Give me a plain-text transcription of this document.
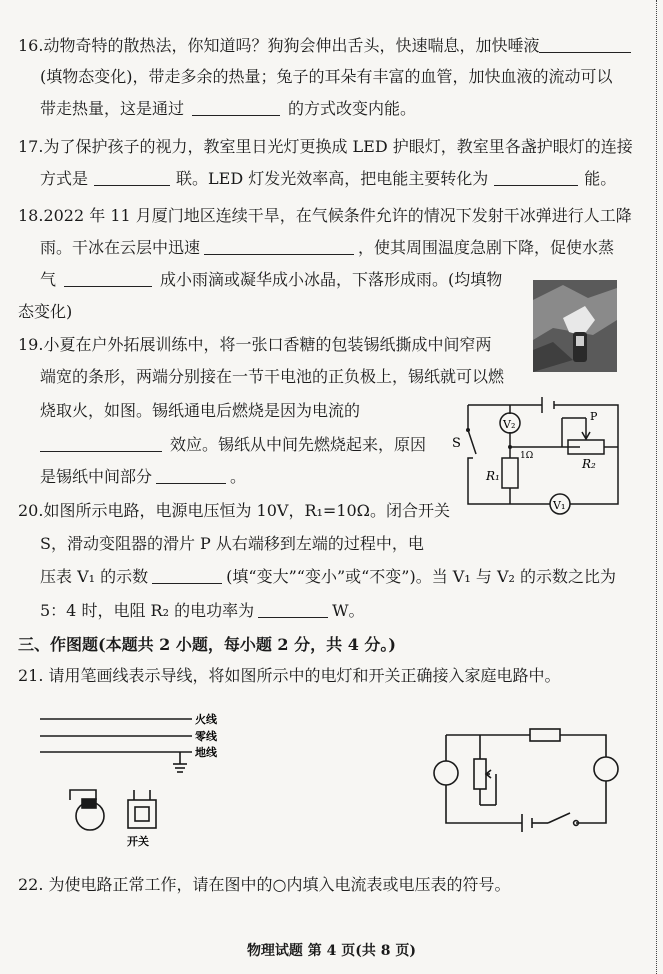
16.动物奇特的散热法，你知道吗？狗狗会伸出舌头，快速喘息，加快唾液
(填物态变化)，带走多余的热量；兔子的耳朵有丰富的血管，加快血液的流动可以
带走热量，这是通过	的方式改变内能。
17.为了保护孩子的视力，教室里日光灯更换成 LED 护眼灯，教室里各盏护眼灯的连接
方式是	联。LED 灯发光效率高，把电能主要转化为	能。
18.2022 年 11 月厦门地区连续干旱，在气候条件允许的情况下发射干冰弹进行人工降
雨。干冰在云层中迅速	，使其周围温度急剧下降，促使水蒸
气	成小雨滴或凝华成小冰晶，下落形成雨。(均填物
态变化)
19.小夏在户外拓展训练中，将一张口香糖的包装锡纸撕成中间窄两
端宽的条形，两端分别接在一节干电池的正负极上，锡纸就可以燃
烧取火，如图。锡纸通电后燃烧是因为电流的
效应。锡纸从中间先燃烧起来，原因
是锡纸中间部分	。
V₂
V₁
S
P
R₁
R₂
1Ω
20.如图所示电路，电源电压恒为 10V，R₁=10Ω。闭合开关
S，滑动变阻器的滑片 P 从右端移到左端的过程中，电
压表 V₁ 的示数	(填“变大”“变小”或“不变”)。当 V₁ 与 V₂ 的示数之比为
5：4 时，电阻 R₂ 的电功率为	W。
三、作图题(本题共 2 小题，每小题 2 分，共 4 分。)
21. 请用笔画线表示导线，将如图所示中的电灯和开关正确接入家庭电路中。
火线
零线
地线
开关
22. 为使电路正常工作，请在图中的○内填入电流表或电压表的符号。
物理试题 第 4 页(共 8 页)
